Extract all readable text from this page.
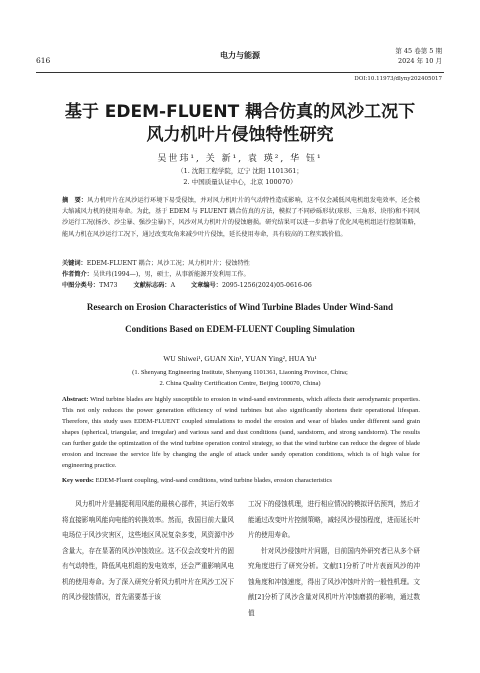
616
电力与能源	第 45 卷第 5 期
2024 年 10 月
DOI:10.11973/dlyny202405017
基于 EDEM-FLUENT 耦合仿真的风沙工况下
风力机叶片侵蚀特性研究
吴世玮¹, 关 新¹, 袁 瑛², 华 钰¹
（1. 沈阳工程学院，辽宁 沈阳 1101361；
2. 中国质量认证中心，北京 100070）
摘　要：风力机叶片在风沙运行环境下易受侵蚀，并对风力机叶片的气动特性造成影响，这不仅会减低风电机组发电效率，还会极大缩减风力机的使用寿命。为此，基于 EDEM 与 FLUENT 耦合仿真的方法，模拟了不同砂砾形状(球形、三角形、块形)和不同风沙运行工况(扬沙、沙尘暴、强沙尘暴)下，风沙对风力机叶片的侵蚀磨损。研究结果可以进一步指导了优化风电机组运行控制策略，能风力机在风沙运行工况下，通过改变攻角来减少叶片侵蚀，延长使用寿命，具有较高的工程实践价值。
关键词：EDEM-FLUENT 耦合；风沙工况；风力机叶片；侵蚀特性
作者简介：吴世玮(1994—)，男，硕士，从事新能源开发利用工作。
中图分类号：TM73	文献标志码：A	文章编号：2095-1256(2024)05-0616-06
Research on Erosion Characteristics of Wind Turbine Blades Under Wind-Sand
Conditions Based on EDEM-FLUENT Coupling Simulation
WU Shiwei¹, GUAN Xin¹, YUAN Ying², HUA Yu¹
(1. Shenyang Engineering Institute, Shenyang 1101361, Liaoning Province, China;
2. China Quality Certification Centre, Beijing 100070, China)
Abstract: Wind turbine blades are highly susceptible to erosion in wind-sand environments, which affects their aerodynamic properties. This not only reduces the power generation efficiency of wind turbines but also significantly shortens their operational lifespan. Therefore, this study uses EDEM-FLUENT coupled simulations to model the erosion and wear of blades under different sand grain shapes (spherical, triangular, and irregular) and various sand and dust conditions (sand, sandstorm, and strong sandstorm). The results can further guide the optimization of the wind turbine operation control strategy, so that the wind turbine can reduce the degree of blade erosion and increase the service life by changing the angle of attack under sandy operation conditions, which is of high value for engineering practice.
Key words: EDEM-Fluent coupling, wind-sand conditions, wind turbine blades, erosion characteristics

风力机叶片是捕捉利用风能的最核心部件，其运行效率将直接影响风能向电能的转换效率。然而，我国目前大量风电场位于风沙灾害区，这些地区风况复杂多变，风资源中沙含量大，存在显著的风沙冲蚀效应。这不仅会改变叶片的固有气动特性，降低风电机组的发电效率，还会严重影响风电机的使用寿命。为了深入研究分析风力机叶片在风沙工况下的风沙侵蚀情况，首先需要基于该

工况下的侵蚀机理，进行相应情况的模拟评估预判，然后才能通过改变叶片控制策略，减轻风沙侵蚀程度，进而延长叶片的使用寿命。

针对风沙侵蚀叶片问题，目前国内外研究者已从多个研究角度进行了研究分析。文献[1]分析了叶片表面风沙的冲蚀角度和冲蚀速度，得出了风沙冲蚀叶片的一般性机理。文献[2]分析了风沙含量对风机叶片冲蚀磨损的影响，通过数值
